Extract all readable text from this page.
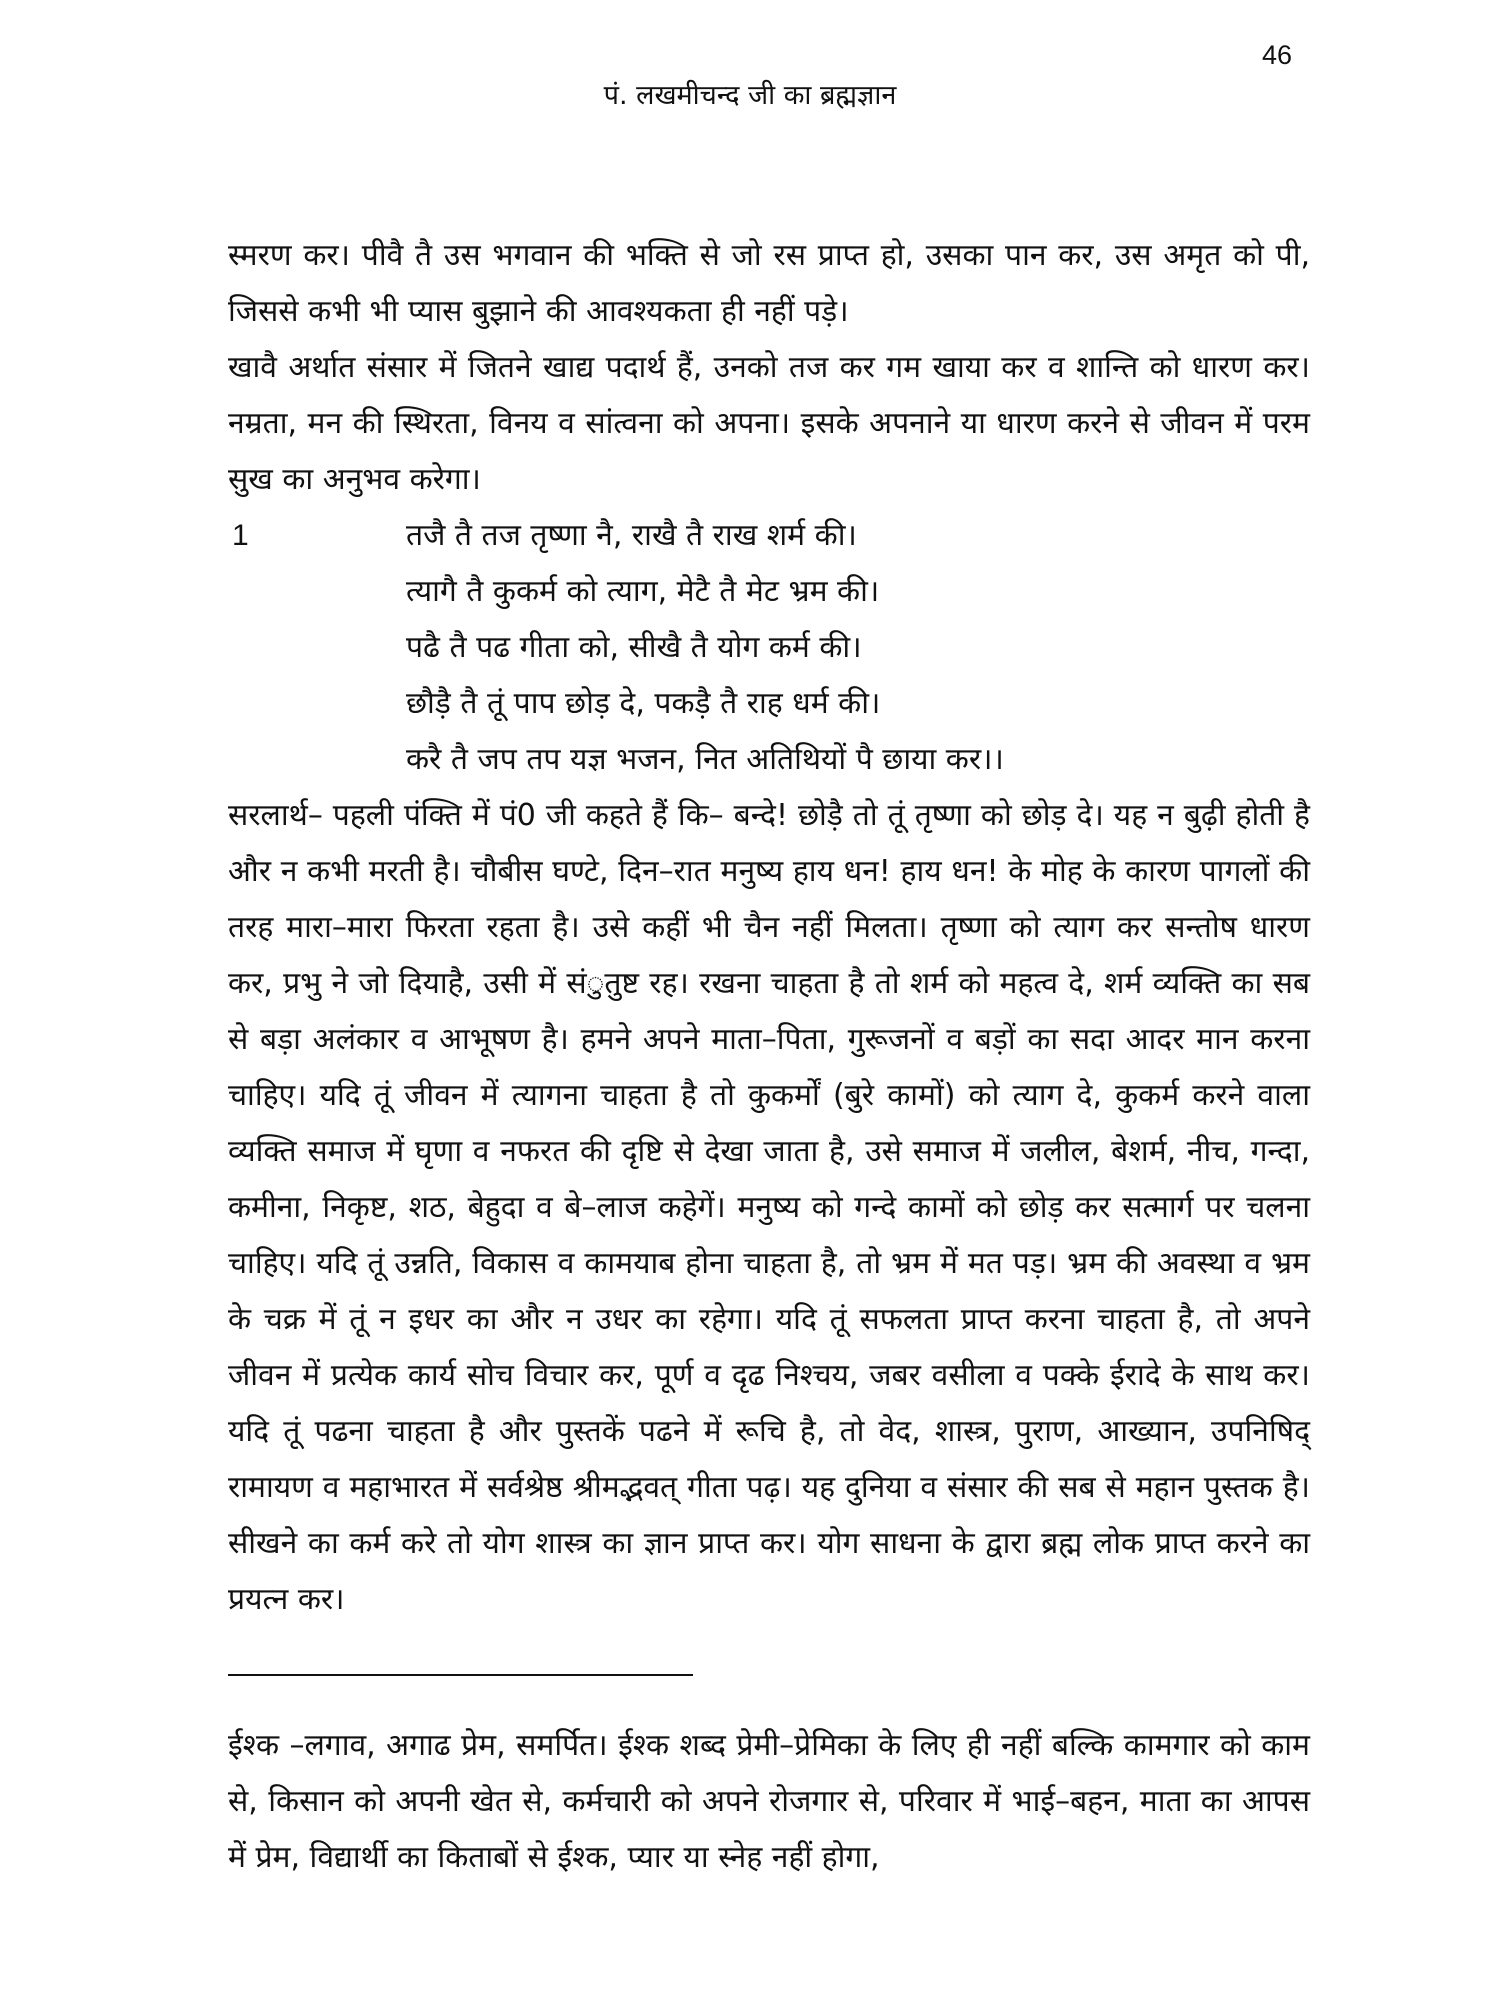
46
पं. लखमीचन्द जी का ब्रह्मज्ञान

स्मरण कर। पीवै तै उस भगवान की भक्ति से जो रस प्राप्त हो, उसका पान कर, उस अमृत को पी, जिससे कभी भी प्यास बुझाने की आवश्यकता ही नहीं पड़े।

खावै अर्थात संसार में जितने खाद्य पदार्थ हैं, उनको तज कर गम खाया कर व शान्ति को धारण कर। नम्रता, मन की स्थिरता, विनय व सांत्वना को अपना। इसके अपनाने या धारण करने से जीवन में परम सुख का अनुभव करेगा।

1	तजै तै तज तृष्णा नै, राखै तै राख शर्म की।

त्यागै तै कुकर्म को त्याग, मेटै तै मेट भ्रम की।

पढै तै पढ गीता को, सीखै तै योग कर्म की।

छौड़ै तै तूं पाप छोड़ दे, पकड़ै तै राह धर्म की।

करै तै जप तप यज्ञ भजन, नित अतिथियों पै छाया कर।।

सरलार्थ– पहली पंक्ति में पं0 जी कहते हैं कि– बन्दे! छोड़ै तो तूं तृष्णा को छोड़ दे। यह न बुढ़ी होती है और न कभी मरती है। चौबीस घण्टे, दिन–रात मनुष्य हाय धन! हाय धन! के मोह के कारण पागलों की तरह मारा–मारा फिरता रहता है। उसे कहीं भी चैन नहीं मिलता। तृष्णा को त्याग कर सन्तोष धारण कर, प्रभु ने जो दियाहै, उसी में संुतुष्ट रह। रखना चाहता है तो शर्म को महत्व दे, शर्म व्यक्ति का सब से बड़ा अलंकार व आभूषण है। हमने अपने माता–पिता, गुरूजनों व बड़ों का सदा आदर मान करना चाहिए। यदि तूं जीवन में त्यागना चाहता है तो कुकर्मों (बुरे कामों) को त्याग दे, कुकर्म करने वाला व्यक्ति समाज में घृणा व नफरत की दृष्टि से देखा जाता है, उसे समाज में जलील, बेशर्म, नीच, गन्दा, कमीना, निकृष्ट, शठ, बेहुदा व बे–लाज कहेगें। मनुष्य को गन्दे कामों को छोड़ कर सत्मार्ग पर चलना चाहिए। यदि तूं उन्नति, विकास व कामयाब होना चाहता है, तो भ्रम में मत पड़। भ्रम की अवस्था व भ्रम के चक्र में तूं न इधर का और न उधर का रहेगा। यदि तूं सफलता प्राप्त करना चाहता है, तो अपने जीवन में प्रत्येक कार्य सोच विचार कर, पूर्ण व दृढ निश्चय, जबर वसीला व पक्के ईरादे के साथ कर। यदि तूं पढना चाहता है और पुस्तकें पढने में रूचि है, तो वेद, शास्त्र, पुराण, आख्यान, उपनिषिद् रामायण व महाभारत में सर्वश्रेष्ठ श्रीमद्भवत् गीता पढ़। यह दुनिया व संसार की सब से महान पुस्तक है। सीखने का कर्म करे तो योग शास्त्र का ज्ञान प्राप्त कर। योग साधना के द्वारा ब्रह्म लोक प्राप्त करने का प्रयत्न कर।

ईश्क –लगाव, अगाढ प्रेम, समर्पित। ईश्क शब्द प्रेमी–प्रेमिका के लिए ही नहीं बल्कि कामगार को काम से, किसान को अपनी खेत से, कर्मचारी को अपने रोजगार से, परिवार में भाई–बहन, माता का आपस में प्रेम, विद्यार्थी का किताबों से ईश्क, प्यार या स्नेह नहीं होगा,
